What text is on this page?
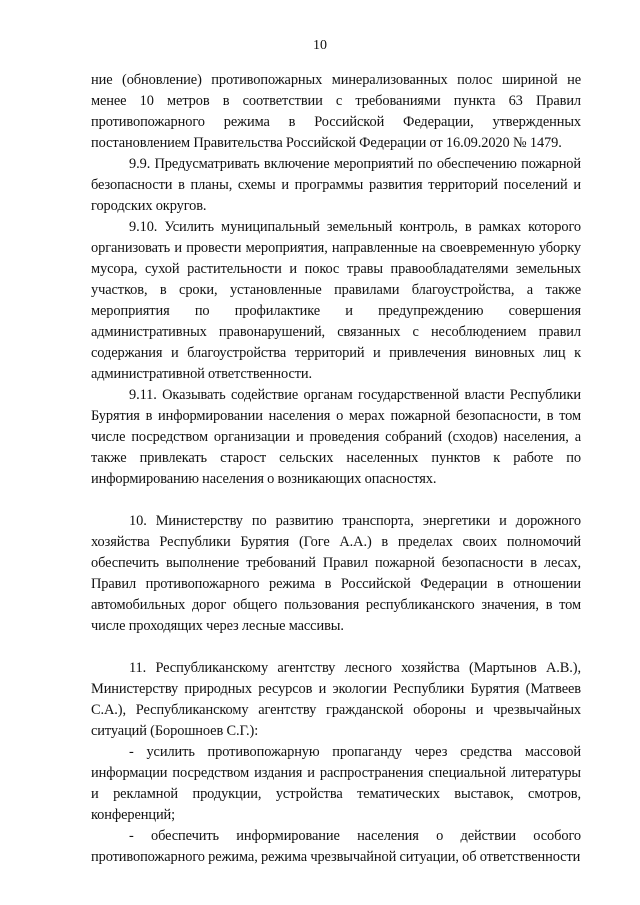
10

ние (обновление) противопожарных минерализованных полос шириной не менее 10 метров в соответствии с требованиями пункта 63 Правил противопожарного режима в Российской Федерации, утвержденных постановлением Правительства Российской Федерации от 16.09.2020 № 1479.

9.9. Предусматривать включение мероприятий по обеспечению пожарной безопасности в планы, схемы и программы развития территорий поселений и городских округов.

9.10. Усилить муниципальный земельный контроль, в рамках которого организовать и провести мероприятия, направленные на своевременную уборку мусора, сухой растительности и покос травы правообладателями земельных участков, в сроки, установленные правилами благоустройства, а также мероприятия по профилактике и предупреждению совершения административных правонарушений, связанных с несоблюдением правил содержания и благоустройства территорий и привлечения виновных лиц к административной ответственности.

9.11. Оказывать содействие органам государственной власти Республики Бурятия в информировании населения о мерах пожарной безопасности, в том числе посредством организации и проведения собраний (сходов) населения, а также привлекать старост сельских населенных пунктов к работе по информированию населения о возникающих опасностях.

10. Министерству по развитию транспорта, энергетики и дорожного хозяйства Республики Бурятия (Гоге А.А.) в пределах своих полномочий обеспечить выполнение требований Правил пожарной безопасности в лесах, Правил противопожарного режима в Российской Федерации в отношении автомобильных дорог общего пользования республиканского значения, в том числе проходящих через лесные массивы.

11. Республиканскому агентству лесного хозяйства (Мартынов А.В.), Министерству природных ресурсов и экологии Республики Бурятия (Матвеев С.А.), Республиканскому агентству гражданской обороны и чрезвычайных ситуаций (Борошноев С.Г.):

- усилить противопожарную пропаганду через средства массовой информации посредством издания и распространения специальной литературы и рекламной продукции, устройства тематических выставок, смотров, конференций;

- обеспечить информирование населения о действии особого противопожарного режима, режима чрезвычайной ситуации, об ответственности
